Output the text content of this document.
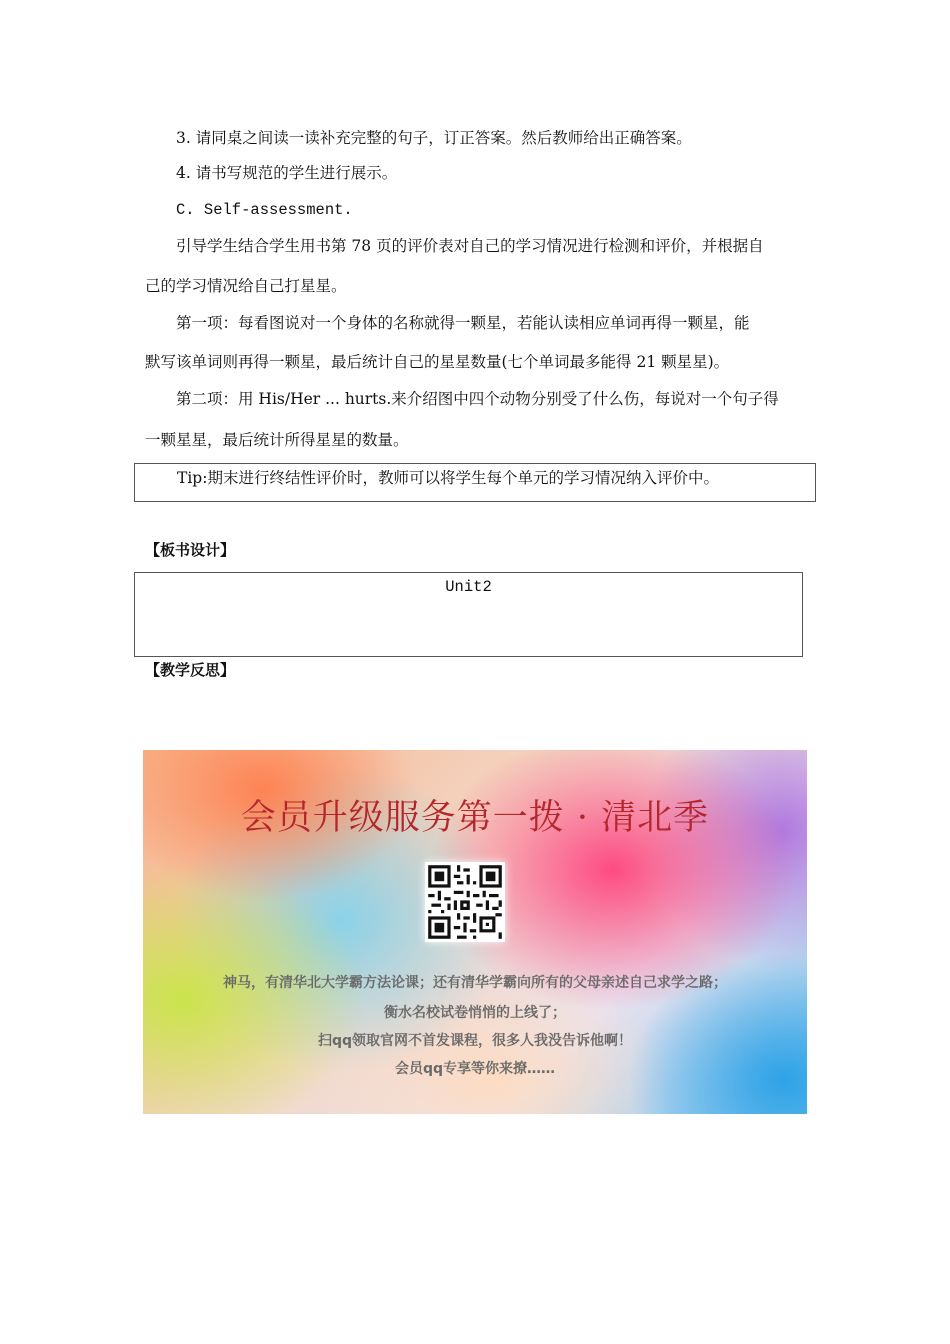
3. 请同桌之间读一读补充完整的句子，订正答案。然后教师给出正确答案。
4. 请书写规范的学生进行展示。
C. Self-assessment.
引导学生结合学生用书第 78 页的评价表对自己的学习情况进行检测和评价，并根据自
己的学习情况给自己打星星。
第一项：每看图说对一个身体的名称就得一颗星，若能认读相应单词再得一颗星，能
默写该单词则再得一颗星，最后统计自己的星星数量(七个单词最多能得 21 颗星星)。
第二项：用 His/Her ... hurts.来介绍图中四个动物分别受了什么伤，每说对一个句子得
一颗星星，最后统计所得星星的数量。
Tip:期末进行终结性评价时，教师可以将学生每个单元的学习情况纳入评价中。
【板书设计】
Unit2
【教学反思】
会员升级服务第一拨 · 清北季
神马，有清华北大学霸方法论课；还有清华学霸向所有的父母亲述自己求学之路；
衡水名校试卷悄悄的上线了；
扫qq领取官网不首发课程，很多人我没告诉他啊！
会员qq专享等你来撩……
